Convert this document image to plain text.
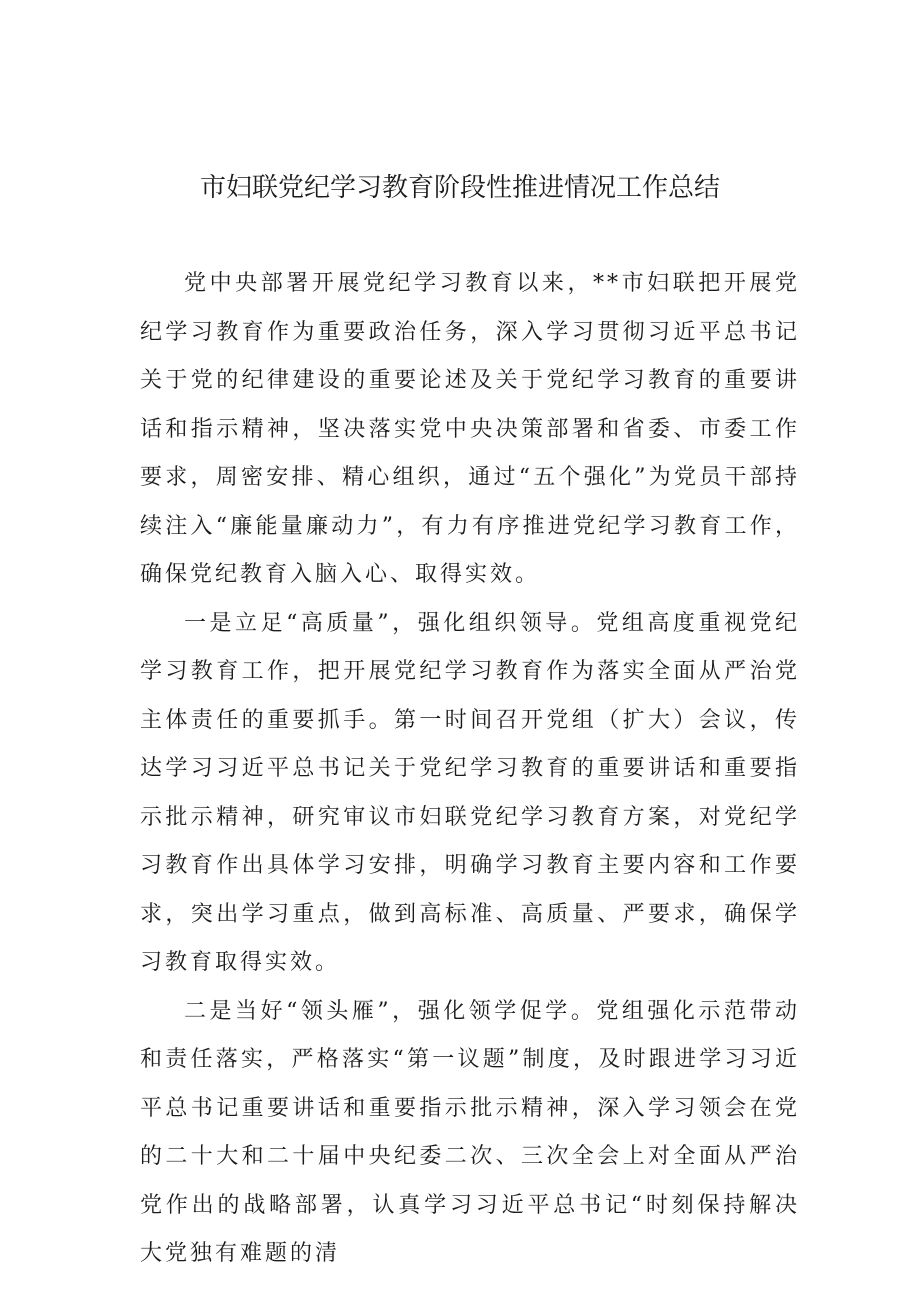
市妇联党纪学习教育阶段性推进情况工作总结

党中央部署开展党纪学习教育以来，**市妇联把开展党纪学习教育作为重要政治任务，深入学习贯彻习近平总书记关于党的纪律建设的重要论述及关于党纪学习教育的重要讲话和指示精神，坚决落实党中央决策部署和省委、市委工作要求，周密安排、精心组织，通过“五个强化”为党员干部持续注入“廉能量廉动力”，有力有序推进党纪学习教育工作，确保党纪教育入脑入心、取得实效。

一是立足“高质量”，强化组织领导。党组高度重视党纪学习教育工作，把开展党纪学习教育作为落实全面从严治党主体责任的重要抓手。第一时间召开党组（扩大）会议，传达学习习近平总书记关于党纪学习教育的重要讲话和重要指示批示精神，研究审议市妇联党纪学习教育方案，对党纪学习教育作出具体学习安排，明确学习教育主要内容和工作要求，突出学习重点，做到高标准、高质量、严要求，确保学习教育取得实效。

二是当好“领头雁”，强化领学促学。党组强化示范带动和责任落实，严格落实“第一议题”制度，及时跟进学习习近平总书记重要讲话和重要指示批示精神，深入学习领会在党的二十大和二十届中央纪委二次、三次全会上对全面从严治党作出的战略部署，认真学习习近平总书记“时刻保持解决大党独有难题的清
